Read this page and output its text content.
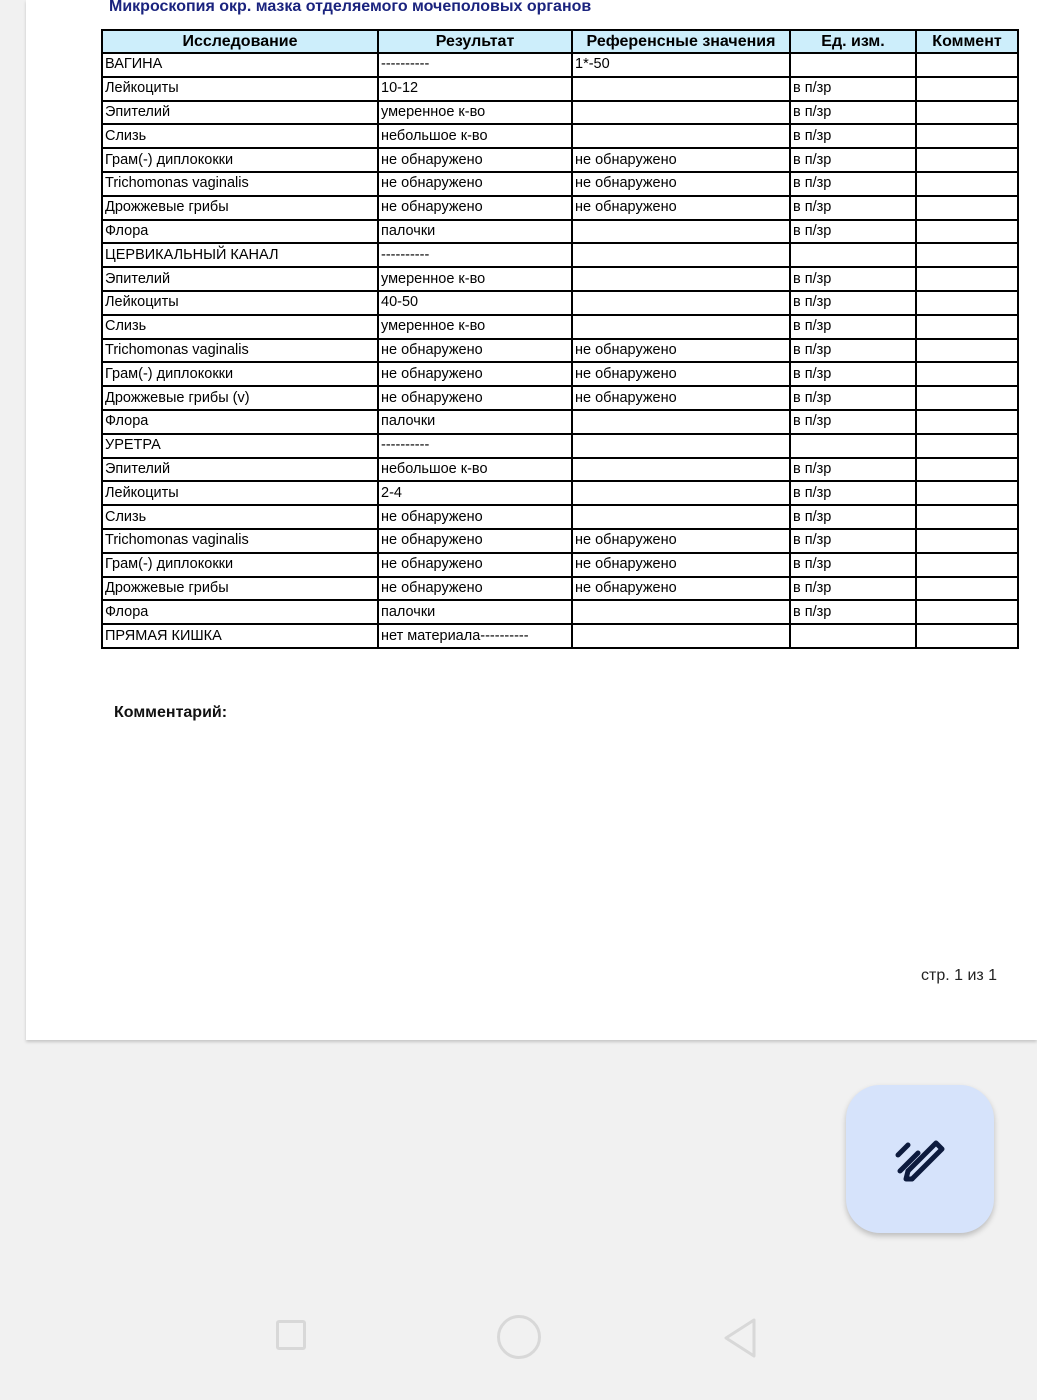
Микроскопия окр. мазка отделяемого мочеполовых органов
Исследование	Результат	Референсные значения	Ед. изм.	Коммент
ВАГИНА	----------	1*-50		
Лейкоциты	10-12		в п/зр	
Эпителий	умеренное к-во		в п/зр	
Слизь	небольшое к-во		в п/зр	
Грам(-) диплококки	не обнаружено	не обнаружено	в п/зр	
Trichomonas vaginalis	не обнаружено	не обнаружено	в п/зр	
Дрожжевые грибы	не обнаружено	не обнаружено	в п/зр	
Флора	палочки		в п/зр	
ЦЕРВИКАЛЬНЫЙ КАНАЛ	----------			
Эпителий	умеренное к-во		в п/зр	
Лейкоциты	40-50		в п/зр	
Слизь	умеренное к-во		в п/зр	
Trichomonas vaginalis	не обнаружено	не обнаружено	в п/зр	
Грам(-) диплококки	не обнаружено	не обнаружено	в п/зр	
Дрожжевые грибы (v)	не обнаружено	не обнаружено	в п/зр	
Флора	палочки		в п/зр	
УРЕТРА	----------			
Эпителий	небольшое к-во		в п/зр	
Лейкоциты	2-4		в п/зр	
Слизь	не обнаружено		в п/зр	
Trichomonas vaginalis	не обнаружено	не обнаружено	в п/зр	
Грам(-) диплококки	не обнаружено	не обнаружено	в п/зр	
Дрожжевые грибы	не обнаружено	не обнаружено	в п/зр	
Флора	палочки		в п/зр	
ПРЯМАЯ КИШКА	нет материала----------			
Комментарий:
стр. 1 из 1
